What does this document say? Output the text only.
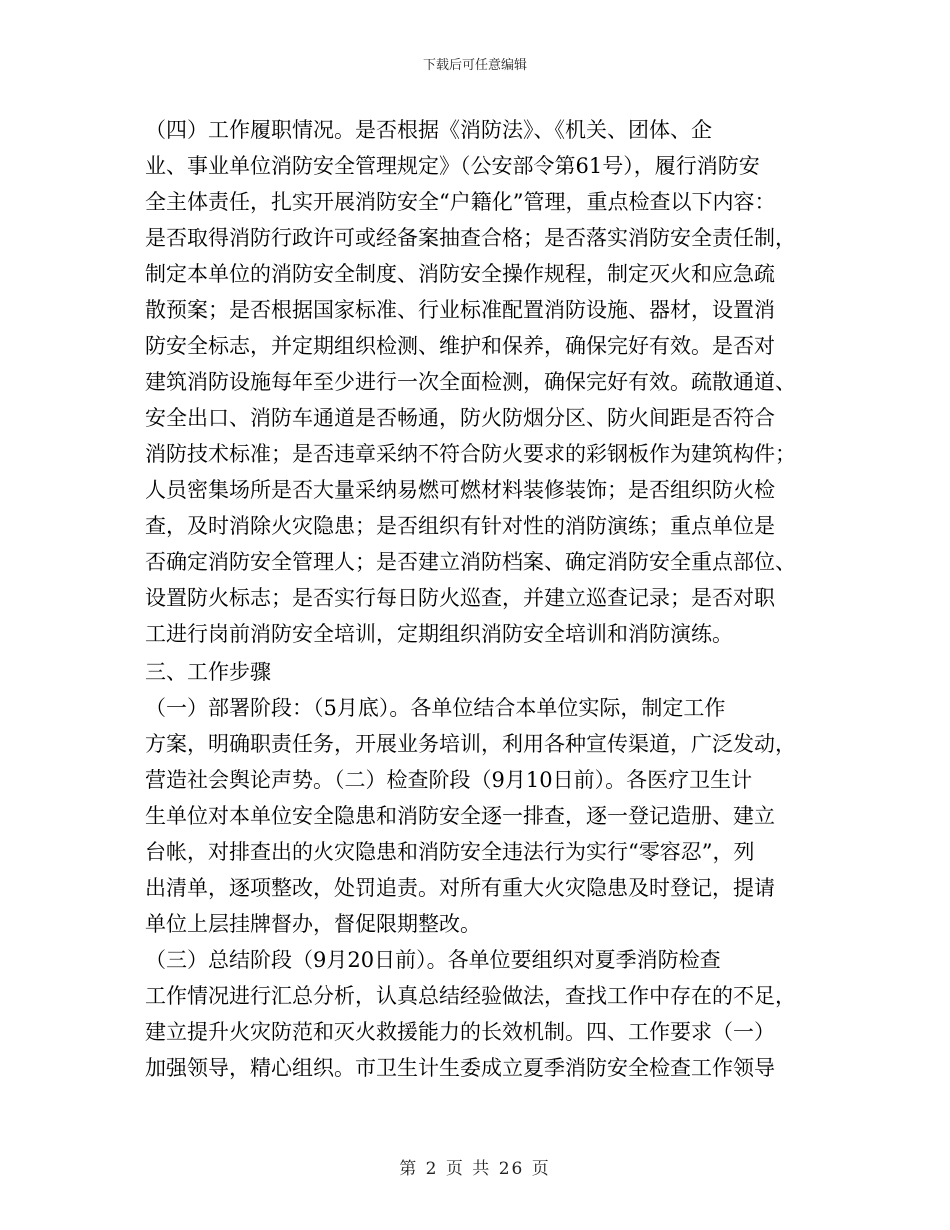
下载后可任意编辑
（四）工作履职情况。是否根据《消防法》、《机关、团体、企
业、事业单位消防安全管理规定》（公安部令第61号），履行消防安
全主体责任，扎实开展消防安全“户籍化”管理，重点检查以下内容：
是否取得消防行政许可或经备案抽查合格；是否落实消防安全责任制，
制定本单位的消防安全制度、消防安全操作规程，制定灭火和应急疏
散预案；是否根据国家标准、行业标准配置消防设施、器材，设置消
防安全标志，并定期组织检测、维护和保养，确保完好有效。是否对
建筑消防设施每年至少进行一次全面检测，确保完好有效。疏散通道、
安全出口、消防车通道是否畅通，防火防烟分区、防火间距是否符合
消防技术标准；是否违章采纳不符合防火要求的彩钢板作为建筑构件；
人员密集场所是否大量采纳易燃可燃材料装修装饰；是否组织防火检
查，及时消除火灾隐患；是否组织有针对性的消防演练；重点单位是
否确定消防安全管理人；是否建立消防档案、确定消防安全重点部位、
设置防火标志；是否实行每日防火巡查，并建立巡查记录；是否对职
工进行岗前消防安全培训，定期组织消防安全培训和消防演练。
三、工作步骤
（一）部署阶段：（5月底）。各单位结合本单位实际，制定工作
方案，明确职责任务，开展业务培训，利用各种宣传渠道，广泛发动，
营造社会舆论声势。（二）检查阶段（9月10日前）。各医疗卫生计
生单位对本单位安全隐患和消防安全逐一排查，逐一登记造册、建立
台帐，对排查出的火灾隐患和消防安全违法行为实行“零容忍”，列
出清单，逐项整改，处罚追责。对所有重大火灾隐患及时登记，提请
单位上层挂牌督办，督促限期整改。
（三）总结阶段（9月20日前）。各单位要组织对夏季消防检查
工作情况进行汇总分析，认真总结经验做法，查找工作中存在的不足，
建立提升火灾防范和灭火救援能力的长效机制。四、工作要求（一）
加强领导，精心组织。市卫生计生委成立夏季消防安全检查工作领导
第 2 页 共 26 页
